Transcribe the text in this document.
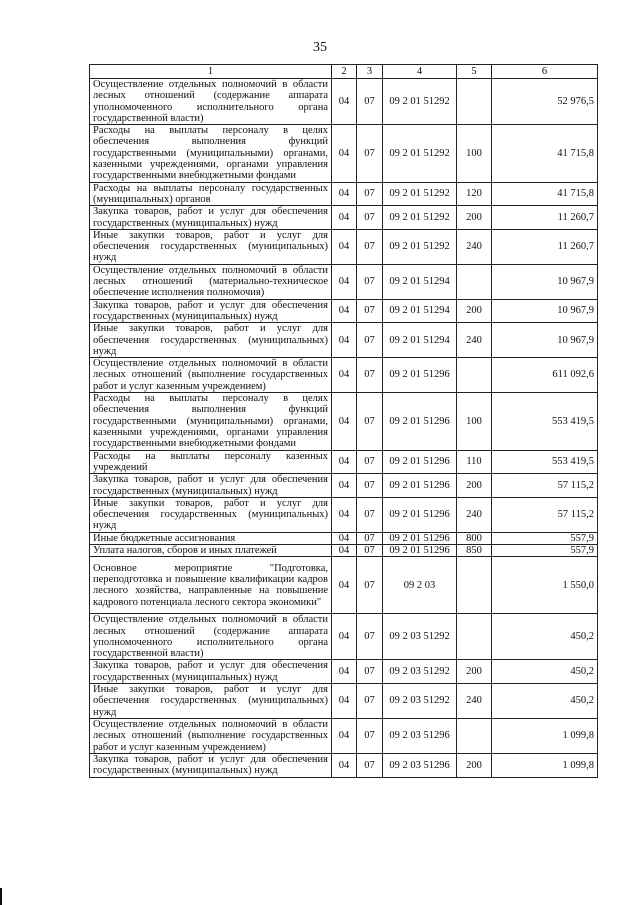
35
1	2	3	4	5	6
Осуществление отдельных полномочий в области лесных отношений (содержание аппарата уполномоченного исполнительного органа государственной власти)	04	07	09 2 01 51292		52 976,5
Расходы на выплаты персоналу в целях обеспечения выполнения функций государственными (муниципальными) органами, казенными учреждениями, органами управления государственными внебюджетными фондами	04	07	09 2 01 51292	100	41 715,8
Расходы на выплаты персоналу государственных (муниципальных) органов	04	07	09 2 01 51292	120	41 715,8
Закупка товаров, работ и услуг для обеспечения государственных (муниципальных) нужд	04	07	09 2 01 51292	200	11 260,7
Иные закупки товаров, работ и услуг для обеспечения государственных (муниципальных) нужд	04	07	09 2 01 51292	240	11 260,7
Осуществление отдельных полномочий в области лесных отношений (материально-техническое обеспечение исполнения полномочия)	04	07	09 2 01 51294		10 967,9
Закупка товаров, работ и услуг для обеспечения государственных (муниципальных) нужд	04	07	09 2 01 51294	200	10 967,9
Иные закупки товаров, работ и услуг для обеспечения государственных (муниципальных) нужд	04	07	09 2 01 51294	240	10 967,9
Осуществление отдельных полномочий в области лесных отношений (выполнение государственных работ и услуг казенным учреждением)	04	07	09 2 01 51296		611 092,6
Расходы на выплаты персоналу в целях обеспечения выполнения функций государственными (муниципальными) органами, казенными учреждениями, органами управления государственными внебюджетными фондами	04	07	09 2 01 51296	100	553 419,5
Расходы на выплаты персоналу казенных учреждений	04	07	09 2 01 51296	110	553 419,5
Закупка товаров, работ и услуг для обеспечения государственных (муниципальных) нужд	04	07	09 2 01 51296	200	57 115,2
Иные закупки товаров, работ и услуг для обеспечения государственных (муниципальных) нужд	04	07	09 2 01 51296	240	57 115,2
Иные бюджетные ассигнования	04	07	09 2 01 51296	800	557,9
Уплата налогов, сборов и иных платежей	04	07	09 2 01 51296	850	557,9
Основное мероприятие "Подготовка, переподготовка и повышение квалификации кадров лесного хозяйства, направленные на повышение кадрового потенциала лесного сектора экономики"	04	07	09 2 03		1 550,0
Осуществление отдельных полномочий в области лесных отношений (содержание аппарата уполномоченного исполнительного органа государственной власти)	04	07	09 2 03 51292		450,2
Закупка товаров, работ и услуг для обеспечения государственных (муниципальных) нужд	04	07	09 2 03 51292	200	450,2
Иные закупки товаров, работ и услуг для обеспечения государственных (муниципальных) нужд	04	07	09 2 03 51292	240	450,2
Осуществление отдельных полномочий в области лесных отношений (выполнение государственных работ и услуг казенным учреждением)	04	07	09 2 03 51296		1 099,8
Закупка товаров, работ и услуг для обеспечения государственных (муниципальных) нужд	04	07	09 2 03 51296	200	1 099,8
